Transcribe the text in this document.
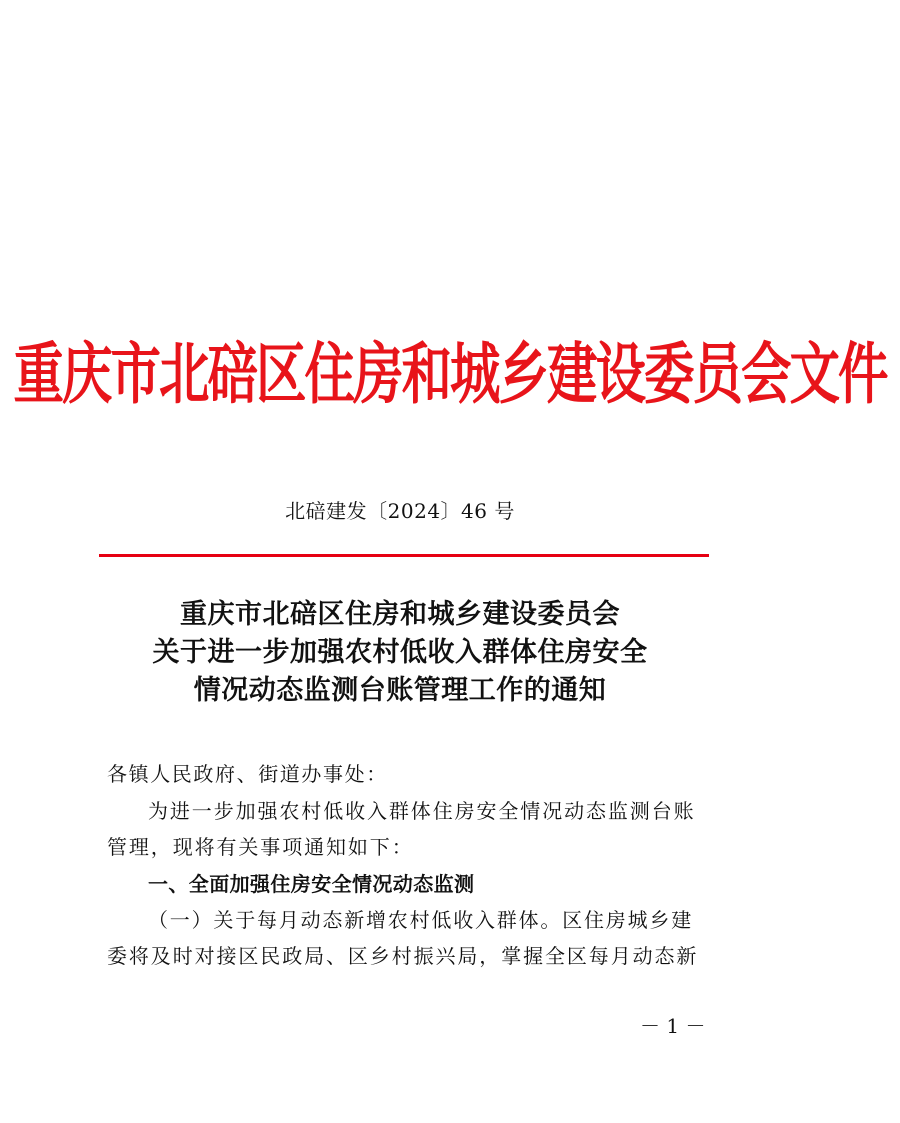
重庆市北碚区住房和城乡建设委员会文件
北碚建发〔2024〕46 号
重庆市北碚区住房和城乡建设委员会
关于进一步加强农村低收入群体住房安全
情况动态监测台账管理工作的通知
各镇人民政府、街道办事处：
为进一步加强农村低收入群体住房安全情况动态监测台账
管理，现将有关事项通知如下：
一、全面加强住房安全情况动态监测
（一）关于每月动态新增农村低收入群体。区住房城乡建
委将及时对接区民政局、区乡村振兴局，掌握全区每月动态新
－ 1 －
